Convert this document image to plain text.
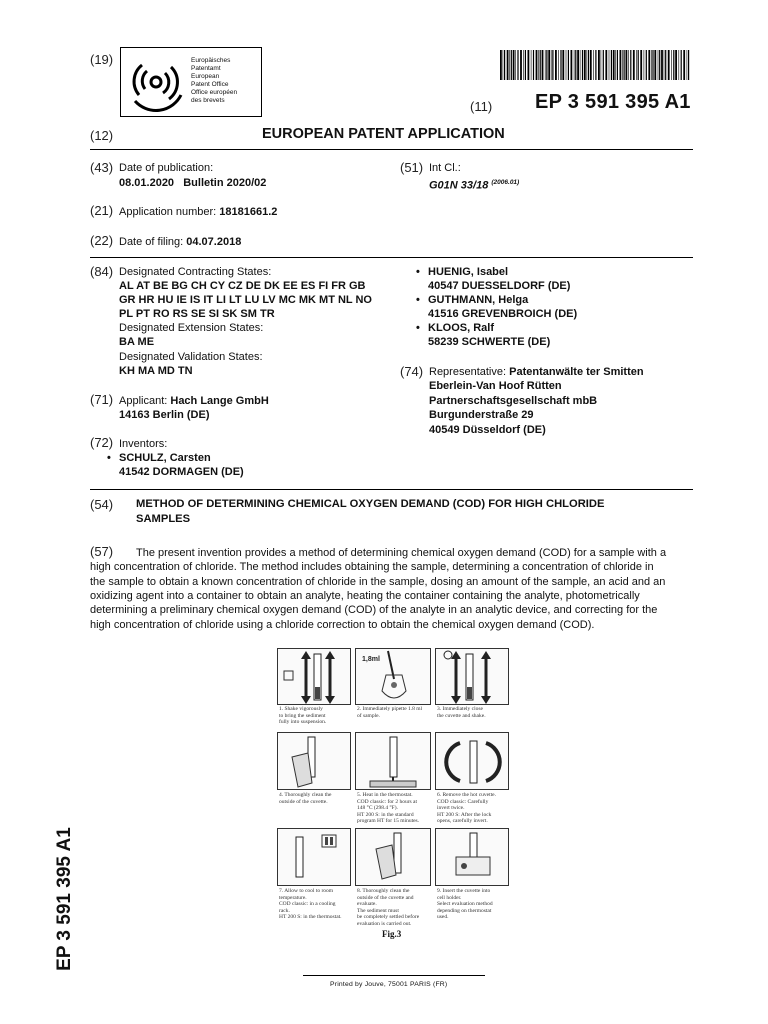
(19)	Europäisches
Patentamt
European
Patent Office
Office européen
des brevets	(11) EP 3 591 395 A1
(12)	EUROPEAN PATENT APPLICATION
(43) Date of publication:
08.01.2020 Bulletin 2020/02
(21) Application number: 18181661.2
(22) Date of filing: 04.07.2018
(84) Designated Contracting States:
AL AT BE BG CH CY CZ DE DK EE ES FI FR GB
GR HR HU IE IS IT LI LT LU LV MC MK MT NL NO
PL PT RO RS SE SI SK SM TR
Designated Extension States:
BA ME
Designated Validation States:
KH MA MD TN
(71) Applicant: Hach Lange GmbH
14163 Berlin (DE)
(72) Inventors:
• SCHULZ, Carsten
41542 DORMAGEN (DE)
(51) Int Cl.:
G01N 33/18 $^{(2006.01)}$
• HUENIG, Isabel
40547 DUESSELDORF (DE)
• GUTHMANN, Helga
41516 GREVENBROICH (DE)
• KLOOS, Ralf
58239 SCHWERTE (DE)
(74) Representative: Patentanwälte ter Smitten
Eberlein-Van Hoof Rütten
Partnerschaftsgesellschaft mbB
Burgunderstraße 29
40549 Düsseldorf (DE)
(54) METHOD OF DETERMINING CHEMICAL OXYGEN DEMAND (COD) FOR HIGH CHLORIDE
SAMPLES
(57) The present invention provides a method of determining chemical oxygen demand (COD) for a sample with a
high concentration of chloride. The method includes obtaining the sample, determining a concentration of chloride in
the sample to obtain a known concentration of chloride in the sample, dosing an amount of the sample, an acid and an
oxidizing agent into a container to obtain an analyte, heating the container containing the analyte, photometrically
determining a preliminary chemical oxygen demand (COD) of the analyte in an analytic device, and correcting for the
high concentration of chloride using a chloride correction to obtain the chemical oxygen demand (COD).
1,8ml
1. Shake vigorously
to bring the sediment
fully into suspension.
2. Immediately pipette 1.8 ml
of sample.
3. Immediately close
the cuvette and shake.
4. Thoroughly clean the
outside of the cuvette.
5. Heat in the thermostat.
COD classic: for 2 hours at
148 °C (298.4 °F).
HT 200 S: in the standard
program HT for 15 minutes.
6. Remove the hot cuvette.
COD classic: Carefully
invert twice.
HT 200 S: After the lock
opens, carefully invert.
7. Allow to cool to room
temperature.
COD classic: in a cooling
rack.
HT 200 S: in the thermostat.
8. Thoroughly clean the
outside of the cuvette and
evaluate.
The sediment must
be completely settled before
evaluation is carried out.
9. Insert the cuvette into
cell holder.
Select evaluation method
depending on thermostat
used.
Fig.3
EP 3 591 395 A1
Printed by Jouve, 75001 PARIS (FR)
